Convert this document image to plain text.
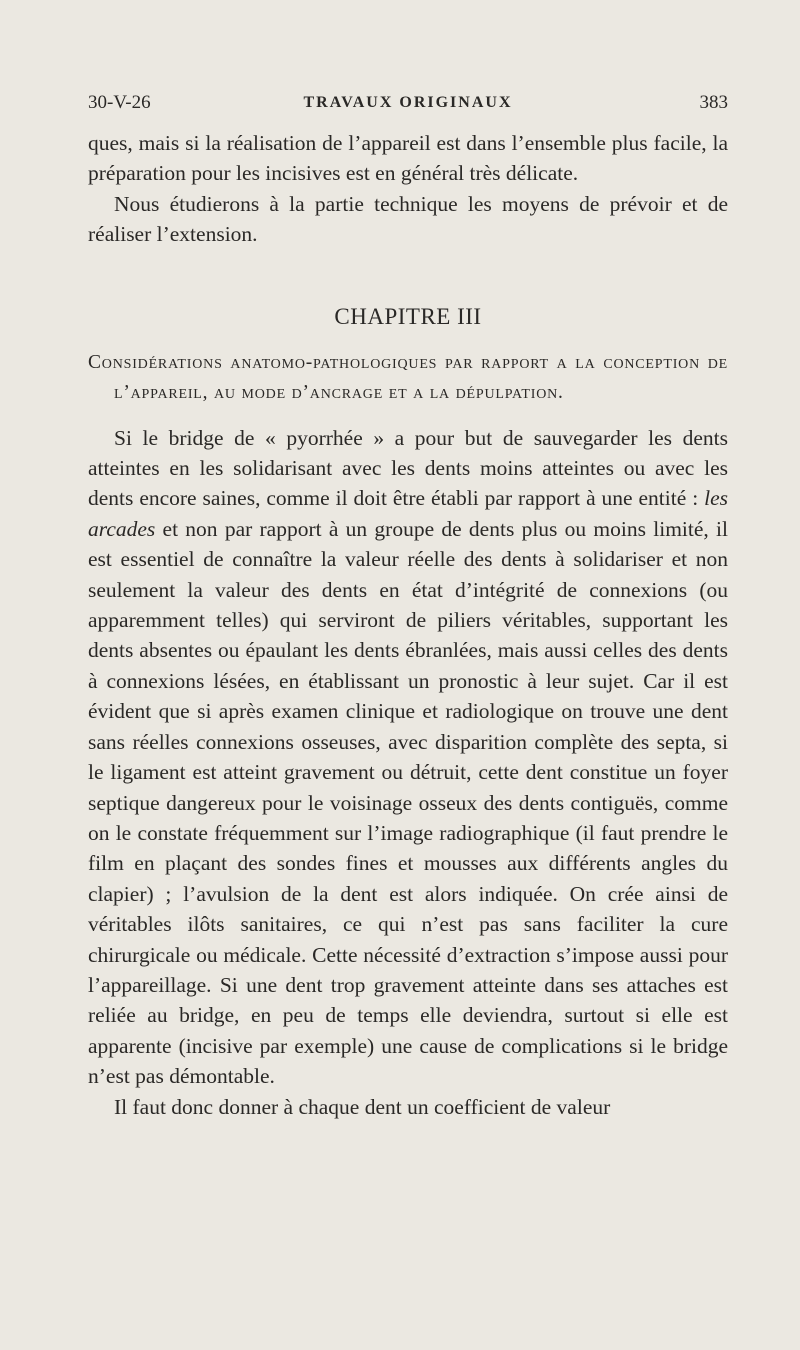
30-V-26	TRAVAUX ORIGINAUX	383

ques, mais si la réalisation de l’appareil est dans l’ensemble plus facile, la préparation pour les incisives est en général très délicate.

Nous étudierons à la partie technique les moyens de prévoir et de réaliser l’extension.

CHAPITRE III

Considérations anatomo-pathologiques par rapport a la conception de l’appareil, au mode d’ancrage et a la dépulpation.

Si le bridge de « pyorrhée » a pour but de sauvegarder les dents atteintes en les solidarisant avec les dents moins atteintes ou avec les dents encore saines, comme il doit être établi par rapport à une entité : les arcades et non par rapport à un groupe de dents plus ou moins limité, il est essentiel de connaître la valeur réelle des dents à solidariser et non seulement la valeur des dents en état d’intégrité de connexions (ou apparemment telles) qui serviront de piliers véritables, supportant les dents absentes ou épaulant les dents ébranlées, mais aussi celles des dents à connexions lésées, en établissant un pronostic à leur sujet. Car il est évident que si après examen clinique et radiologique on trouve une dent sans réelles connexions osseuses, avec disparition complète des septa, si le ligament est atteint gravement ou détruit, cette dent constitue un foyer septique dangereux pour le voisinage osseux des dents contiguës, comme on le constate fréquemment sur l’image radiographique (il faut prendre le film en plaçant des sondes fines et mousses aux différents angles du clapier) ; l’avulsion de la dent est alors indiquée. On crée ainsi de véritables ilôts sanitaires, ce qui n’est pas sans faciliter la cure chirurgicale ou médicale. Cette nécessité d’extraction s’impose aussi pour l’appareillage. Si une dent trop gravement atteinte dans ses attaches est reliée au bridge, en peu de temps elle deviendra, surtout si elle est apparente (incisive par exemple) une cause de complications si le bridge n’est pas démontable.

Il faut donc donner à chaque dent un coefficient de valeur
